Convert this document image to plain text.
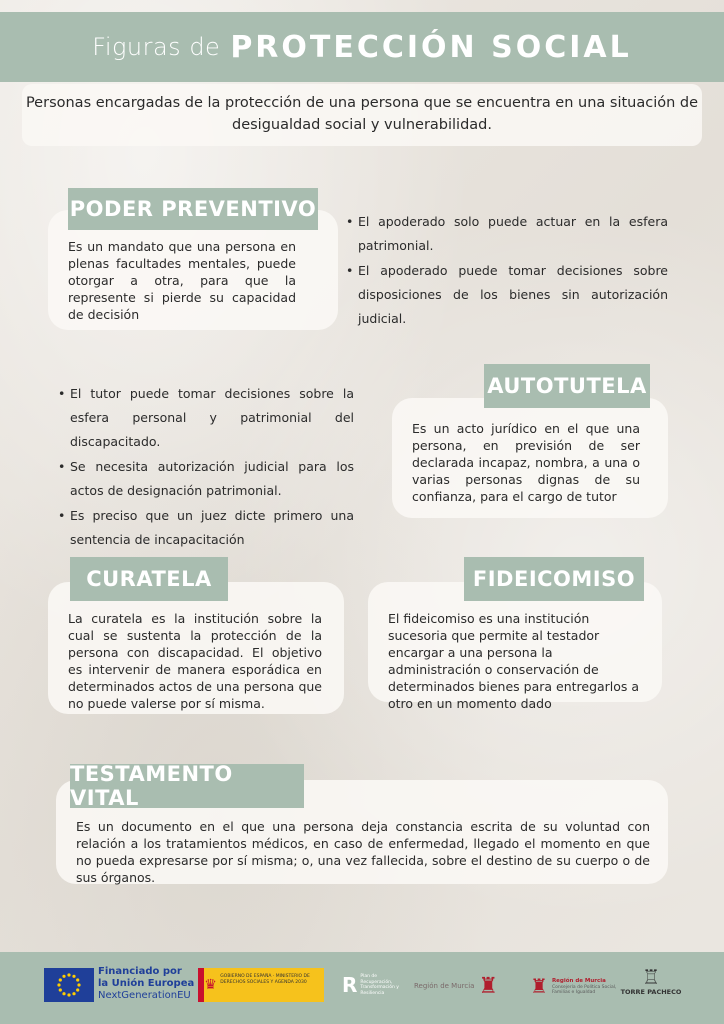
Figuras de PROTECCIÓN SOCIAL
Personas encargadas de la protección de una persona que se encuentra en una situación de desigualdad social y vulnerabilidad.
PODER PREVENTIVO
Es un mandato que una persona en plenas facultades mentales, puede otorgar a otra, para que la represente si pierde su capacidad de decisión
• El apoderado solo puede actuar en la esfera patrimonial.
• El apoderado puede tomar decisiones sobre disposiciones de los bienes sin autorización judicial.
AUTOTUTELA
Es un acto jurídico en el que una persona, en previsión de ser declarada incapaz, nombra, a una o varias personas dignas de su confianza, para el cargo de tutor
• El tutor puede tomar decisiones sobre la esfera personal y patrimonial del discapacitado.
• Se necesita autorización judicial para los actos de designación patrimonial.
• Es preciso que un juez dicte primero una sentencia de incapacitación
CURATELA
La curatela es la institución sobre la cual se sustenta la protección de la persona con discapacidad. El objetivo es intervenir de manera esporádica en determinados actos de una persona que no puede valerse por sí misma.
FIDEICOMISO
El fideicomiso es una institución sucesoria que permite al testador encargar a una persona la administración o conservación de determinados bienes para entregarlos a otro en un momento dado
TESTAMENTO VITAL
Es un documento en el que una persona deja constancia escrita de su voluntad con relación a los tratamientos médicos, en caso de enfermedad, llegado el momento en que no pueda expresarse por sí misma; o, una vez fallecida, sobre el destino de su cuerpo o de sus órganos.
Financiado por
la Unión Europea
NextGenerationEU
♛
GOBIERNO DE ESPAÑA · MINISTERIO DE DERECHOS SOCIALES Y AGENDA 2030	R Plan de Recuperación, Transformación y Resiliencia
Región de Murcia ♜ ♜ Región de Murcia
Consejería de Política Social, Familias e Igualdad
♖
TORRE PACHECO
